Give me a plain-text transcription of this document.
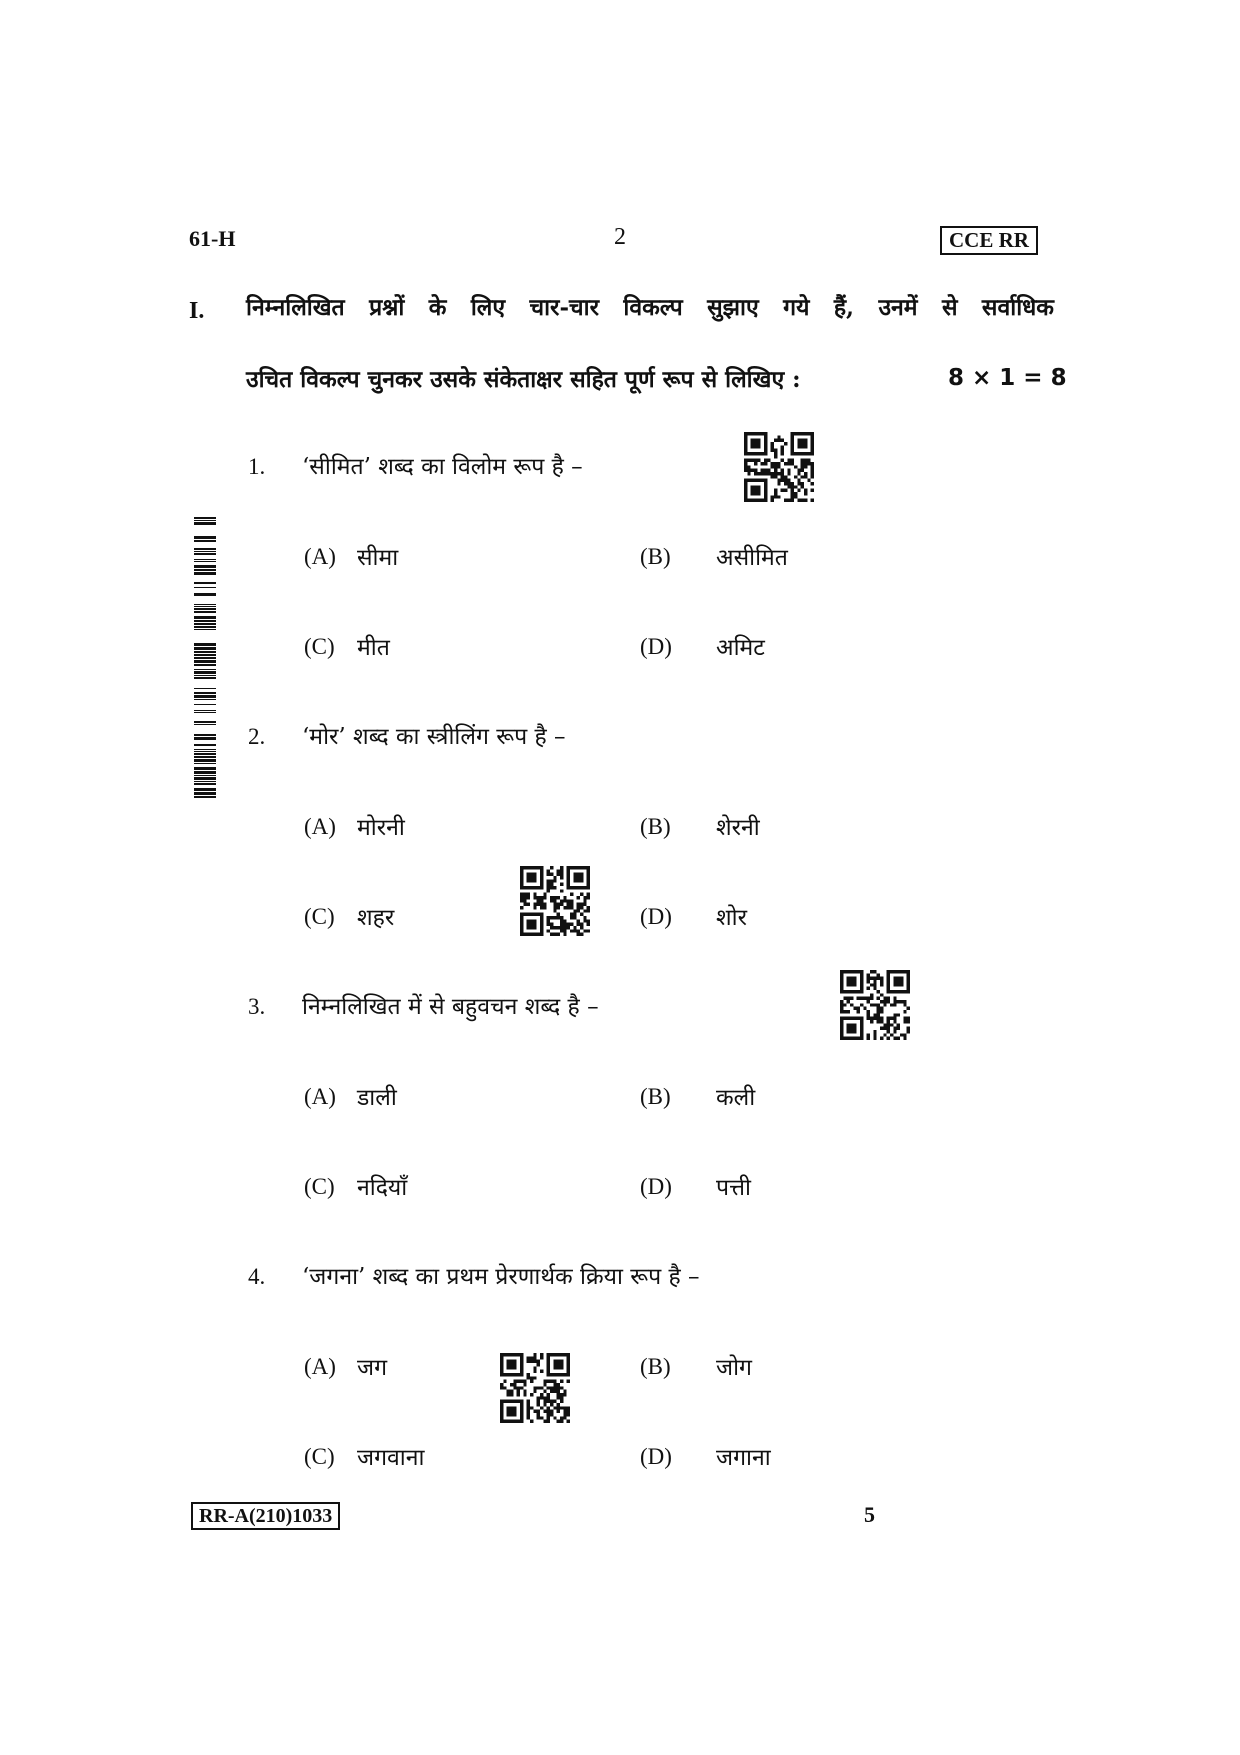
61-H	2	CCE RR
I. निम्नलिखित प्रश्नों के लिए चार-चार विकल्प सुझाए गये हैं, उनमें से सर्वाधिक
उचित विकल्प चुनकर उसके संकेताक्षर सहित पूर्ण रूप से लिखिए :	8 × 1 = 8
1. ‘सीमित’ शब्द का विलोम रूप है –
(A) सीमा	(B) असीमित
(C) मीत	(D) अमिट
2. ‘मोर’ शब्द का स्त्रीलिंग रूप है –
(A) मोरनी	(B) शेरनी
(C) शहर	(D) शोर
3. निम्नलिखित में से बहुवचन शब्द है –
(A) डाली	(B) कली
(C) नदियाँ	(D) पत्ती
4. ‘जगना’ शब्द का प्रथम प्रेरणार्थक क्रिया रूप है –
(A) जग	(B) जोग
(C) जगवाना	(D) जगाना
RR-A(210)1033	5
